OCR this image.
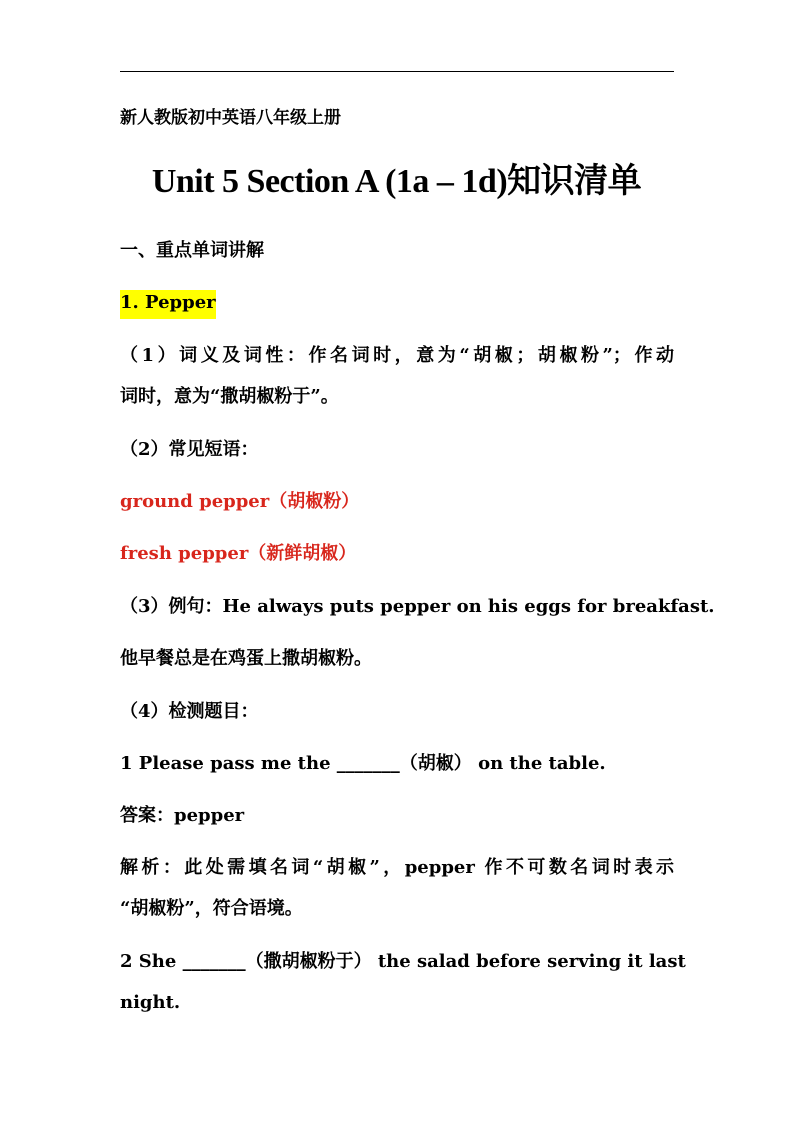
新人教版初中英语八年级上册
Unit 5 Section A (1a – 1d)知识清单
一、重点单词讲解
1. Pepper
（1）词义及词性：作名词时，意为“胡椒；胡椒粉”；作动
词时，意为“撒胡椒粉于”。
（2）常见短语：
ground pepper（胡椒粉）
fresh pepper（新鲜胡椒）
（3）例句：He always puts pepper on his eggs for breakfast.
他早餐总是在鸡蛋上撒胡椒粉。
（4）检测题目：
1 Please pass me the _______（胡椒） on the table.
答案：pepper
解析：此处需填名词“胡椒”，pepper 作不可数名词时表示
“胡椒粉”，符合语境。
2 She _______（撒胡椒粉于） the salad before serving it last
night.
